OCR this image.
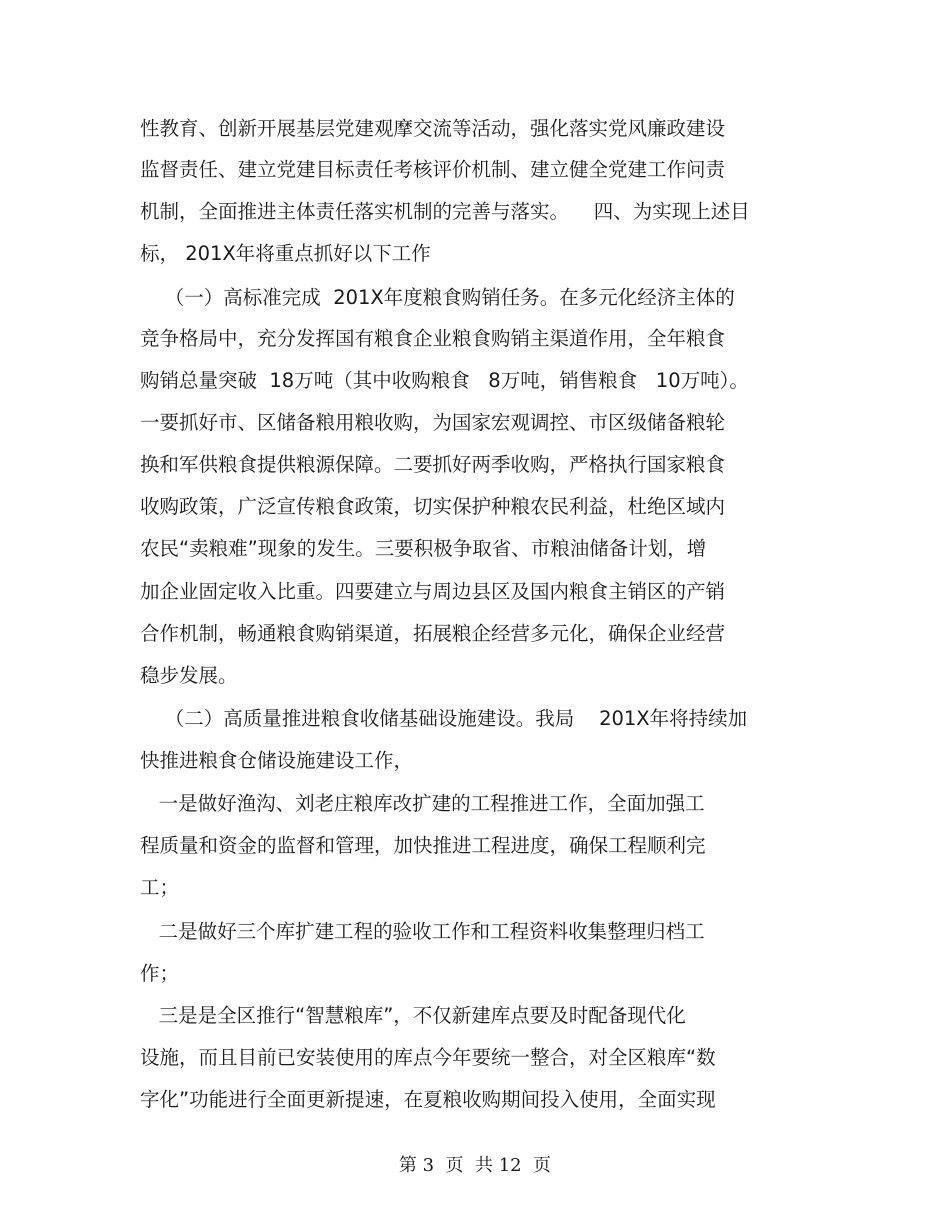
性教育、创新开展基层党建观摩交流等活动，强化落实党风廉政建设

监督责任、建立党建目标责任考核评价机制、建立健全党建工作问责

机制，全面推进主体责任落实机制的完善与落实。    四、为实现上述目

标， 201X年将重点抓好以下工作

（一）高标准完成  201X年度粮食购销任务。在多元化经济主体的

竞争格局中，充分发挥国有粮食企业粮食购销主渠道作用，全年粮食

购销总量突破  18万吨（其中收购粮食   8万吨，销售粮食   10万吨）。

一要抓好市、区储备粮用粮收购，为国家宏观调控、市区级储备粮轮

换和军供粮食提供粮源保障。二要抓好两季收购，严格执行国家粮食

收购政策，广泛宣传粮食政策，切实保护种粮农民利益，杜绝区域内

农民“卖粮难”现象的发生。三要积极争取省、市粮油储备计划，增

加企业固定收入比重。四要建立与周边县区及国内粮食主销区的产销

合作机制，畅通粮食购销渠道，拓展粮企经营多元化，确保企业经营

稳步发展。

（二）高质量推进粮食收储基础设施建设。我局    201X年将持续加

快推进粮食仓储设施建设工作，

一是做好渔沟、刘老庄粮库改扩建的工程推进工作，全面加强工

程质量和资金的监督和管理，加快推进工程进度，确保工程顺利完

工；

二是做好三个库扩建工程的验收工作和工程资料收集整理归档工

作；

三是是全区推行“智慧粮库”，不仅新建库点要及时配备现代化

设施，而且目前已安装使用的库点今年要统一整合，对全区粮库“数

字化”功能进行全面更新提速，在夏粮收购期间投入使用，全面实现

第 3  页  共 12  页
